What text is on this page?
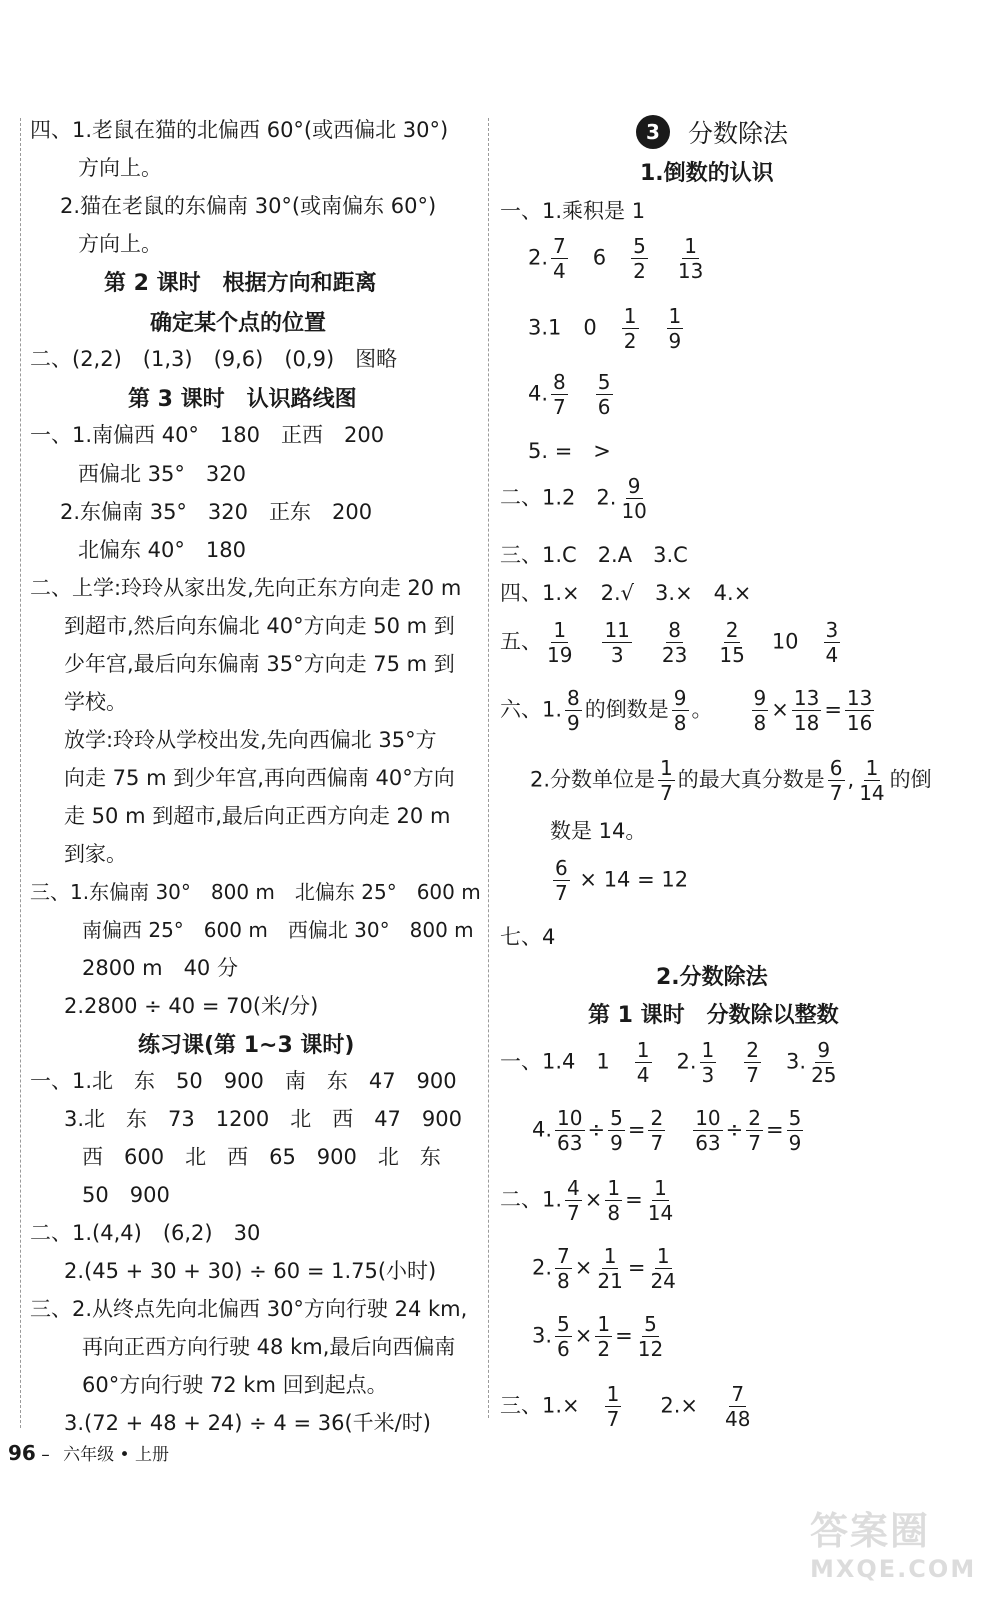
四、1.老鼠在猫的北偏西 60°(或西偏北 30°)
方向上。
2.猫在老鼠的东偏南 30°(或南偏东 60°)
方向上。
第 2 课时　根据方向和距离
确定某个点的位置
二、(2,2)　(1,3)　(9,6)　(0,9)　图略
第 3 课时　认识路线图
一、1.南偏西 40°　180　正西　200
西偏北 35°　320
2.东偏南 35°　320　正东　200
北偏东 40°　180
二、上学:玲玲从家出发,先向正东方向走 20 m
到超市,然后向东偏北 40°方向走 50 m 到
少年宫,最后向东偏南 35°方向走 75 m 到
学校。
放学:玲玲从学校出发,先向西偏北 35°方
向走 75 m 到少年宫,再向西偏南 40°方向
走 50 m 到超市,最后向正西方向走 20 m
到家。
三、1.东偏南 30°　800 m　北偏东 25°　600 m
南偏西 25°　600 m　西偏北 30°　800 m
2800 m　40 分
2.2800 ÷ 40 = 70(米/分)
练习课(第 1~3 课时)
一、1.北　东　50　900　南　东　47　900
3.北　东　73　1200　北　西　47　900
西　600　北　西　65　900　北　东
50　900
二、1.(4,4)　(6,2)　30
2.(45 + 30 + 30) ÷ 60 = 1.75(小时)
三、2.从终点先向北偏西 30°方向行驶 24 km,
再向正西方向行驶 48 km,最后向西偏南
60°方向行驶 72 km 回到起点。
3.(72 + 48 + 24) ÷ 4 = 36(千米/时)
3	分数除法
1.倒数的认识
一、1.乘积是 1
2. $\frac{7}{4} 6 \frac{5}{2} \frac{1}{13}$
3.1 $0 \frac{1}{2} \frac{1}{9}$
4. $\frac{8}{7} \frac{5}{6}$
5. =　>
二、1.2　2. $\frac{9}{10}$
三、1.C　2.A　3.C
四、1.×　2.√　3.×　4.×
五、 $\frac{1}{19} \frac{11}{3} \frac{8}{23} \frac{2}{15} 10 \frac{3}{4}$
六、1. $\frac{8}{9}$ 的倒数是 $\frac{9}{8}$ 。 $\frac{9}{8} \times \frac{13}{18} = \frac{13}{16}$
2.分数单位是 $\frac{1}{7}$ 的最大真分数是 $\frac{6}{7}$ , $\frac{1}{14}$ 的倒
数是 14。
$\frac{6}{7} \times 14 = 12$
七、4
2.分数除法
第 1 课时　分数除以整数
一、1.4　$1 \frac{1}{4} 2$. $\frac{1}{3} \frac{2}{7} 3$. $\frac{9}{25}$
4. $\frac{10}{63} \div \frac{5}{9} = \frac{2}{7} \frac{10}{63} \div \frac{2}{7} = \frac{5}{9}$
二、1. $\frac{4}{7} \times \frac{1}{8} = \frac{1}{14}$
2. $\frac{7}{8} \times \frac{1}{21} = \frac{1}{24}$
3. $\frac{5}{6} \times \frac{1}{2} = \frac{5}{12}$
三、$1.\times \frac{1}{7} 2.\times \frac{7}{48}$
96 – 六年级 • 上册
答案圈
MXQE.COM
